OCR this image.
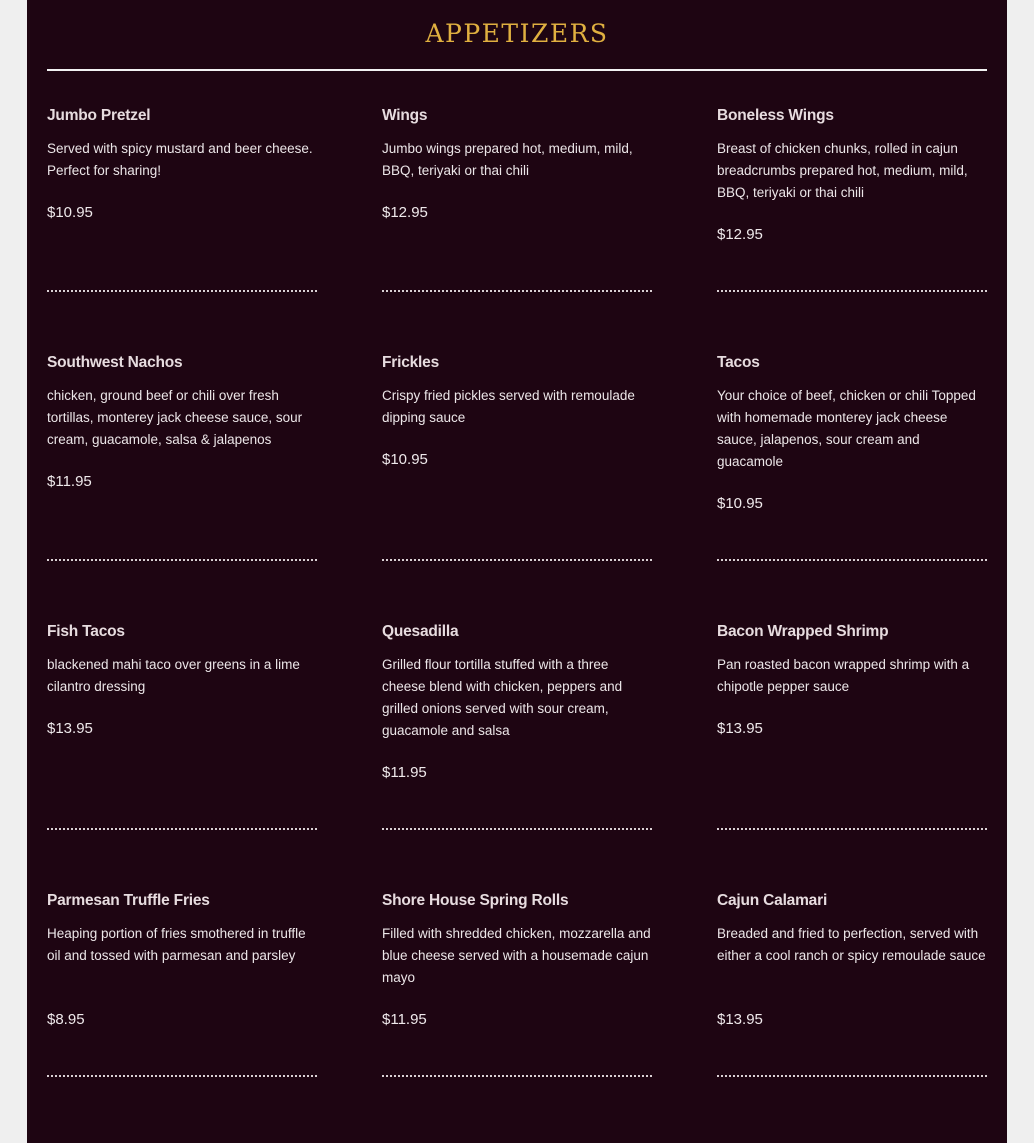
APPETIZERS

Jumbo Pretzel

Served with spicy mustard and beer cheese. Perfect for sharing!

$10.95

Wings

Jumbo wings prepared hot, medium, mild, BBQ, teriyaki or thai chili

$12.95

Boneless Wings

Breast of chicken chunks, rolled in cajun breadcrumbs prepared hot, medium, mild, BBQ, teriyaki or thai chili

$12.95

Southwest Nachos

chicken, ground beef or chili over fresh tortillas, monterey jack cheese sauce, sour cream, guacamole, salsa & jalapenos

$11.95

Frickles

Crispy fried pickles served with remoulade dipping sauce

$10.95

Tacos

Your choice of beef, chicken or chili Topped with homemade monterey jack cheese sauce, jalapenos, sour cream and guacamole

$10.95

Fish Tacos

blackened mahi taco over greens in a lime cilantro dressing

$13.95

Quesadilla

Grilled flour tortilla stuffed with a three cheese blend with chicken, peppers and grilled onions served with sour cream, guacamole and salsa

$11.95

Bacon Wrapped Shrimp

Pan roasted bacon wrapped shrimp with a chipotle pepper sauce

$13.95

Parmesan Truffle Fries

Heaping portion of fries smothered in truffle oil and tossed with parmesan and parsley

$8.95

Shore House Spring Rolls

Filled with shredded chicken, mozzarella and blue cheese served with a housemade cajun mayo

$11.95

Cajun Calamari

Breaded and fried to perfection, served with either a cool ranch or spicy remoulade sauce

$13.95
